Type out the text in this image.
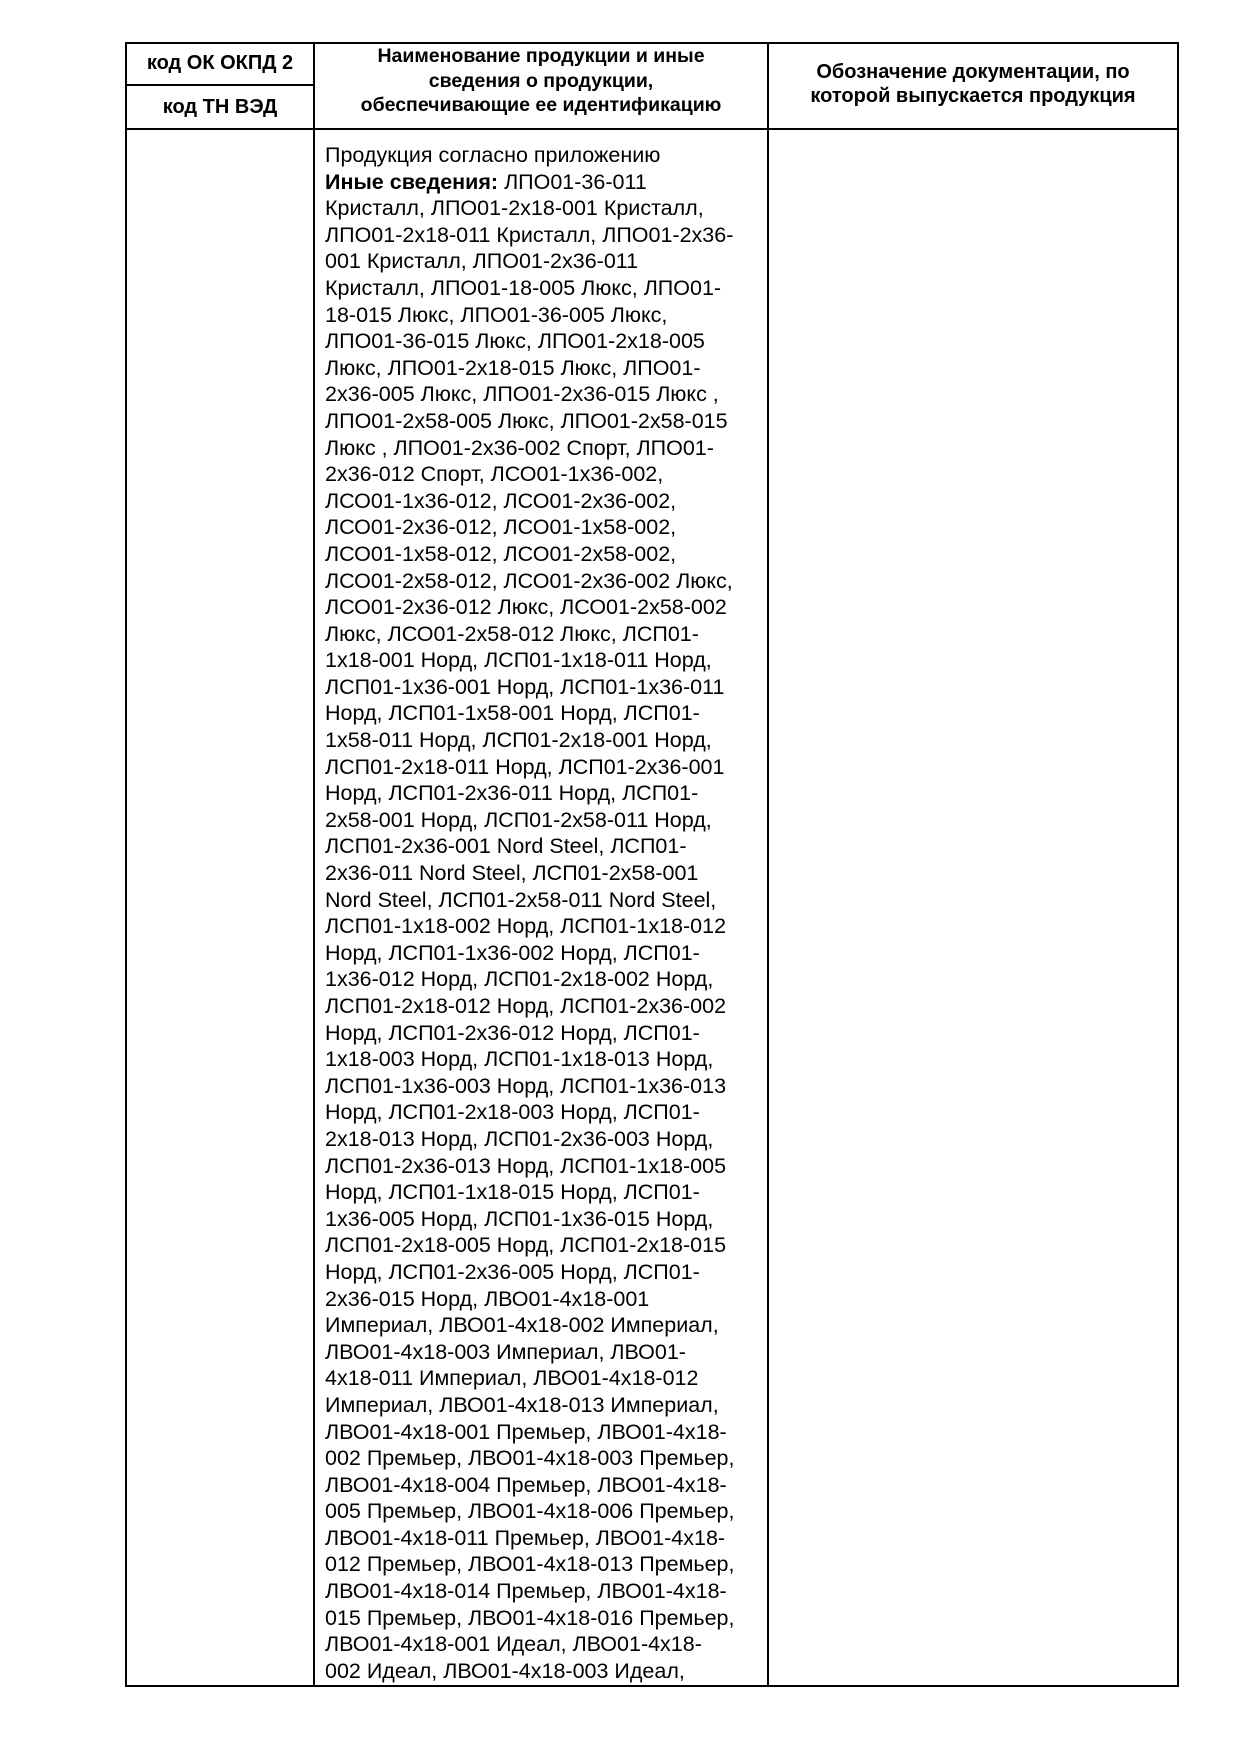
код ОК ОКПД 2
код ТН ВЭД
Наименование продукции и иные
сведения о продукции,
обеспечивающие ее идентификацию
Обозначение документации, по
которой выпускается продукция
Продукция согласно приложению
Иные сведения: ЛПО01-36-011
Кристалл, ЛПО01-2х18-001 Кристалл,
ЛПО01-2х18-011 Кристалл, ЛПО01-2х36-
001 Кристалл, ЛПО01-2х36-011
Кристалл, ЛПО01-18-005 Люкс, ЛПО01-
18-015 Люкс, ЛПО01-36-005 Люкс,
ЛПО01-36-015 Люкс, ЛПО01-2х18-005
Люкс, ЛПО01-2х18-015 Люкс, ЛПО01-
2х36-005 Люкс, ЛПО01-2х36-015 Люкс ,
ЛПО01-2х58-005 Люкс, ЛПО01-2х58-015
Люкс , ЛПО01-2х36-002 Спорт, ЛПО01-
2х36-012 Спорт, ЛСО01-1х36-002,
ЛСО01-1х36-012, ЛСО01-2х36-002,
ЛСО01-2х36-012, ЛСО01-1х58-002,
ЛСО01-1х58-012, ЛСО01-2х58-002,
ЛСО01-2х58-012, ЛСО01-2х36-002 Люкс,
ЛСО01-2х36-012 Люкс, ЛСО01-2х58-002
Люкс, ЛСО01-2х58-012 Люкс, ЛСП01-
1х18-001 Норд, ЛСП01-1х18-011 Норд,
ЛСП01-1х36-001 Норд, ЛСП01-1х36-011
Норд, ЛСП01-1х58-001 Норд, ЛСП01-
1х58-011 Норд, ЛСП01-2х18-001 Норд,
ЛСП01-2х18-011 Норд, ЛСП01-2х36-001
Норд, ЛСП01-2х36-011 Норд, ЛСП01-
2х58-001 Норд, ЛСП01-2х58-011 Норд,
ЛСП01-2х36-001 Nord Steel, ЛСП01-
2х36-011 Nord Steel, ЛСП01-2х58-001
Nord Steel, ЛСП01-2х58-011 Nord Steel,
ЛСП01-1х18-002 Норд, ЛСП01-1х18-012
Норд, ЛСП01-1х36-002 Норд, ЛСП01-
1х36-012 Норд, ЛСП01-2х18-002 Норд,
ЛСП01-2х18-012 Норд, ЛСП01-2х36-002
Норд, ЛСП01-2х36-012 Норд, ЛСП01-
1х18-003 Норд, ЛСП01-1х18-013 Норд,
ЛСП01-1х36-003 Норд, ЛСП01-1х36-013
Норд, ЛСП01-2х18-003 Норд, ЛСП01-
2х18-013 Норд, ЛСП01-2х36-003 Норд,
ЛСП01-2х36-013 Норд, ЛСП01-1х18-005
Норд, ЛСП01-1х18-015 Норд, ЛСП01-
1х36-005 Норд, ЛСП01-1х36-015 Норд,
ЛСП01-2х18-005 Норд, ЛСП01-2х18-015
Норд, ЛСП01-2х36-005 Норд, ЛСП01-
2х36-015 Норд, ЛВО01-4х18-001
Империал, ЛВО01-4х18-002 Империал,
ЛВО01-4х18-003 Империал, ЛВО01-
4х18-011 Империал, ЛВО01-4х18-012
Империал, ЛВО01-4х18-013 Империал,
ЛВО01-4х18-001 Премьер, ЛВО01-4х18-
002 Премьер, ЛВО01-4х18-003 Премьер,
ЛВО01-4х18-004 Премьер, ЛВО01-4х18-
005 Премьер, ЛВО01-4х18-006 Премьер,
ЛВО01-4х18-011 Премьер, ЛВО01-4х18-
012 Премьер, ЛВО01-4х18-013 Премьер,
ЛВО01-4х18-014 Премьер, ЛВО01-4х18-
015 Премьер, ЛВО01-4х18-016 Премьер,
ЛВО01-4х18-001 Идеал, ЛВО01-4х18-
002 Идеал, ЛВО01-4х18-003 Идеал,
